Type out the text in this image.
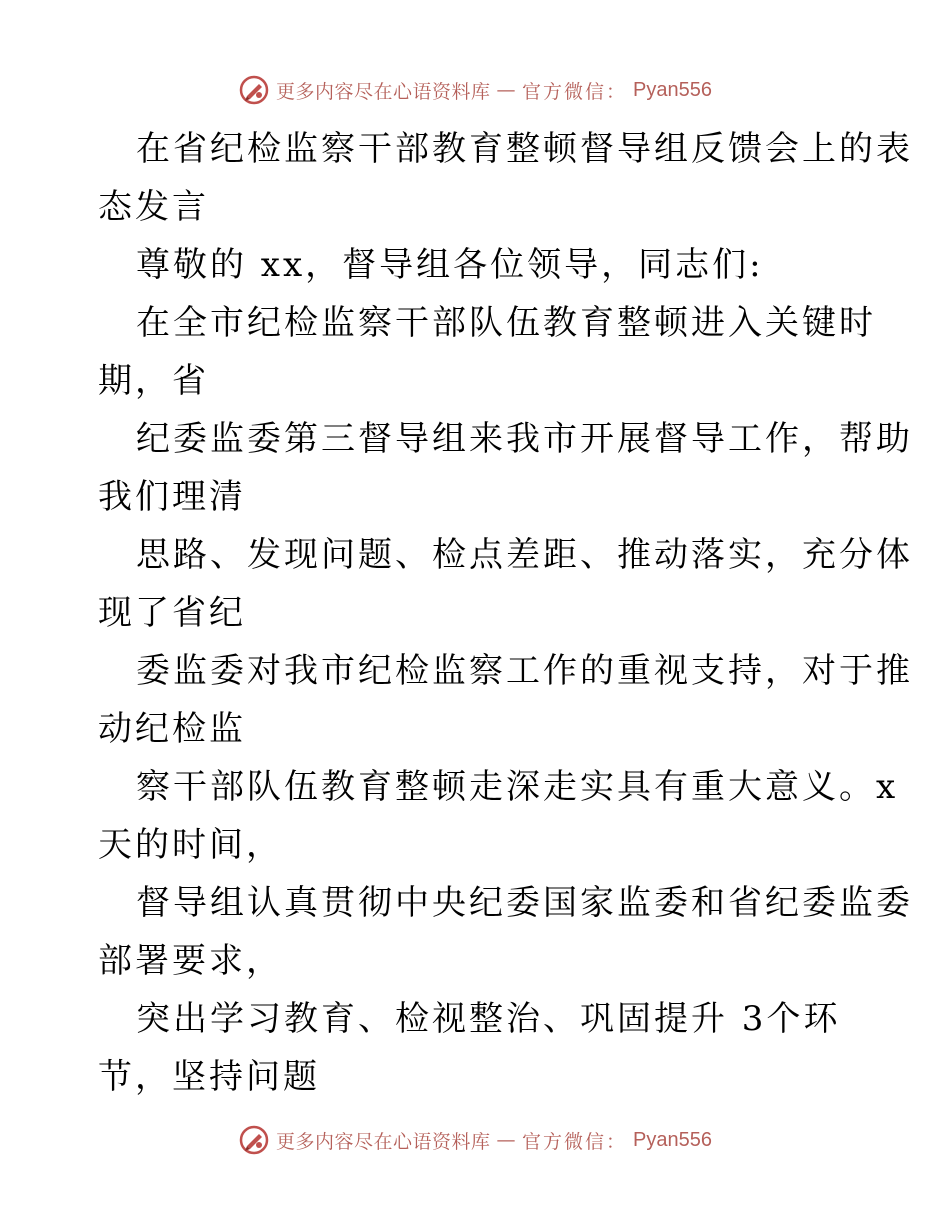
更多内容尽在心语资料库 — 官方微信： Pyan556
在省纪检监察干部教育整顿督导组反馈会上的表
态发言
尊敬的 xx，督导组各位领导，同志们:
在全市纪检监察干部队伍教育整顿进入关键时
期，省
纪委监委第三督导组来我市开展督导工作，帮助
我们理清
思路、发现问题、检点差距、推动落实，充分体
现了省纪
委监委对我市纪检监察工作的重视支持，对于推
动纪检监
察干部队伍教育整顿走深走实具有重大意义。x
天的时间，
督导组认真贯彻中央纪委国家监委和省纪委监委
部署要求，
突出学习教育、检视整治、巩固提升 3个环
节，坚持问题
更多内容尽在心语资料库 — 官方微信： Pyan556
